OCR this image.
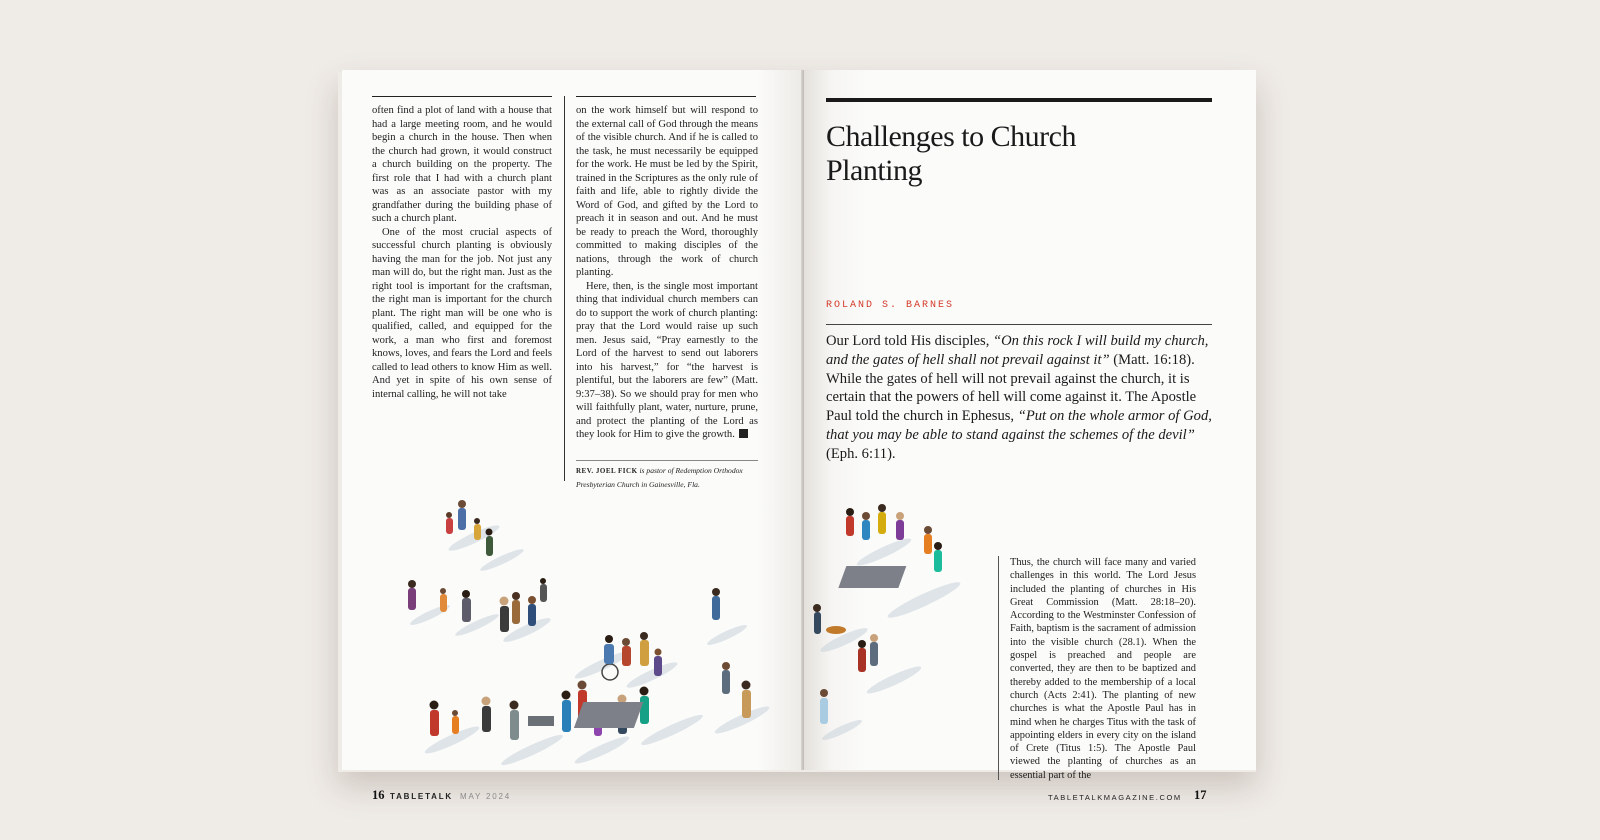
often find a plot of land with a house that had a large meeting room, and he would begin a church in the house. Then when the church had grown, it would construct a church building on the property. The first role that I had with a church plant was as an associate pastor with my grandfather during the building phase of such a church plant.

One of the most crucial aspects of successful church planting is obviously having the man for the job. Not just any man will do, but the right man. Just as the right tool is important for the craftsman, the right man is important for the church plant. The right man will be one who is qualified, called, and equipped for the work, a man who first and foremost knows, loves, and fears the Lord and feels called to lead others to know Him as well. And yet in spite of his own sense of internal calling, he will not take

on the work himself but will respond to the external call of God through the means of the visible church. And if he is called to the task, he must necessarily be equipped for the work. He must be led by the Spirit, trained in the Scriptures as the only rule of faith and life, able to rightly divide the Word of God, and gifted by the Lord to preach it in season and out. And he must be ready to preach the Word, thoroughly committed to making disciples of the nations, through the work of church planting.

Here, then, is the single most important thing that individual church members can do to support the work of church planting: pray that the Lord would raise up such men. Jesus said, “Pray earnestly to the Lord of the harvest to send out laborers into his harvest,” for “the harvest is plentiful, but the laborers are few” (Matt. 9:37–38). So we should pray for men who will faithfully plant, water, nurture, prune, and protect the planting of the Lord as they look for Him to give the growth.

REV. JOEL FICK is pastor of Redemption Orthodox Presbyterian Church in Gainesville, Fla.
16 TABLETALK MAY 2024
Challenges to Church Planting
ROLAND S. BARNES
Our Lord told His disciples, “On this rock I will build my church, and the gates of hell shall not prevail against it” (Matt. 16:18). While the gates of hell will not prevail against the church, it is certain that the powers of hell will come against it. The Apostle Paul told the church in Ephesus, “Put on the whole armor of God, that you may be able to stand against the schemes of the devil” (Eph. 6:11).
Thus, the church will face many and varied challenges in this world. The Lord Jesus included the planting of churches in His Great Commission (Matt. 28:18–20). According to the Westminster Confession of Faith, baptism is the sacrament of admission into the visible church (28.1). When the gospel is preached and people are converted, they are then to be baptized and thereby added to the membership of a local church (Acts 2:41). The planting of new churches is what the Apostle Paul has in mind when he charges Titus with the task of appointing elders in every city on the island of Crete (Titus 1:5). The Apostle Paul viewed the planting of churches as an essential part of the
TABLETALKMAGAZINE.COM 17
